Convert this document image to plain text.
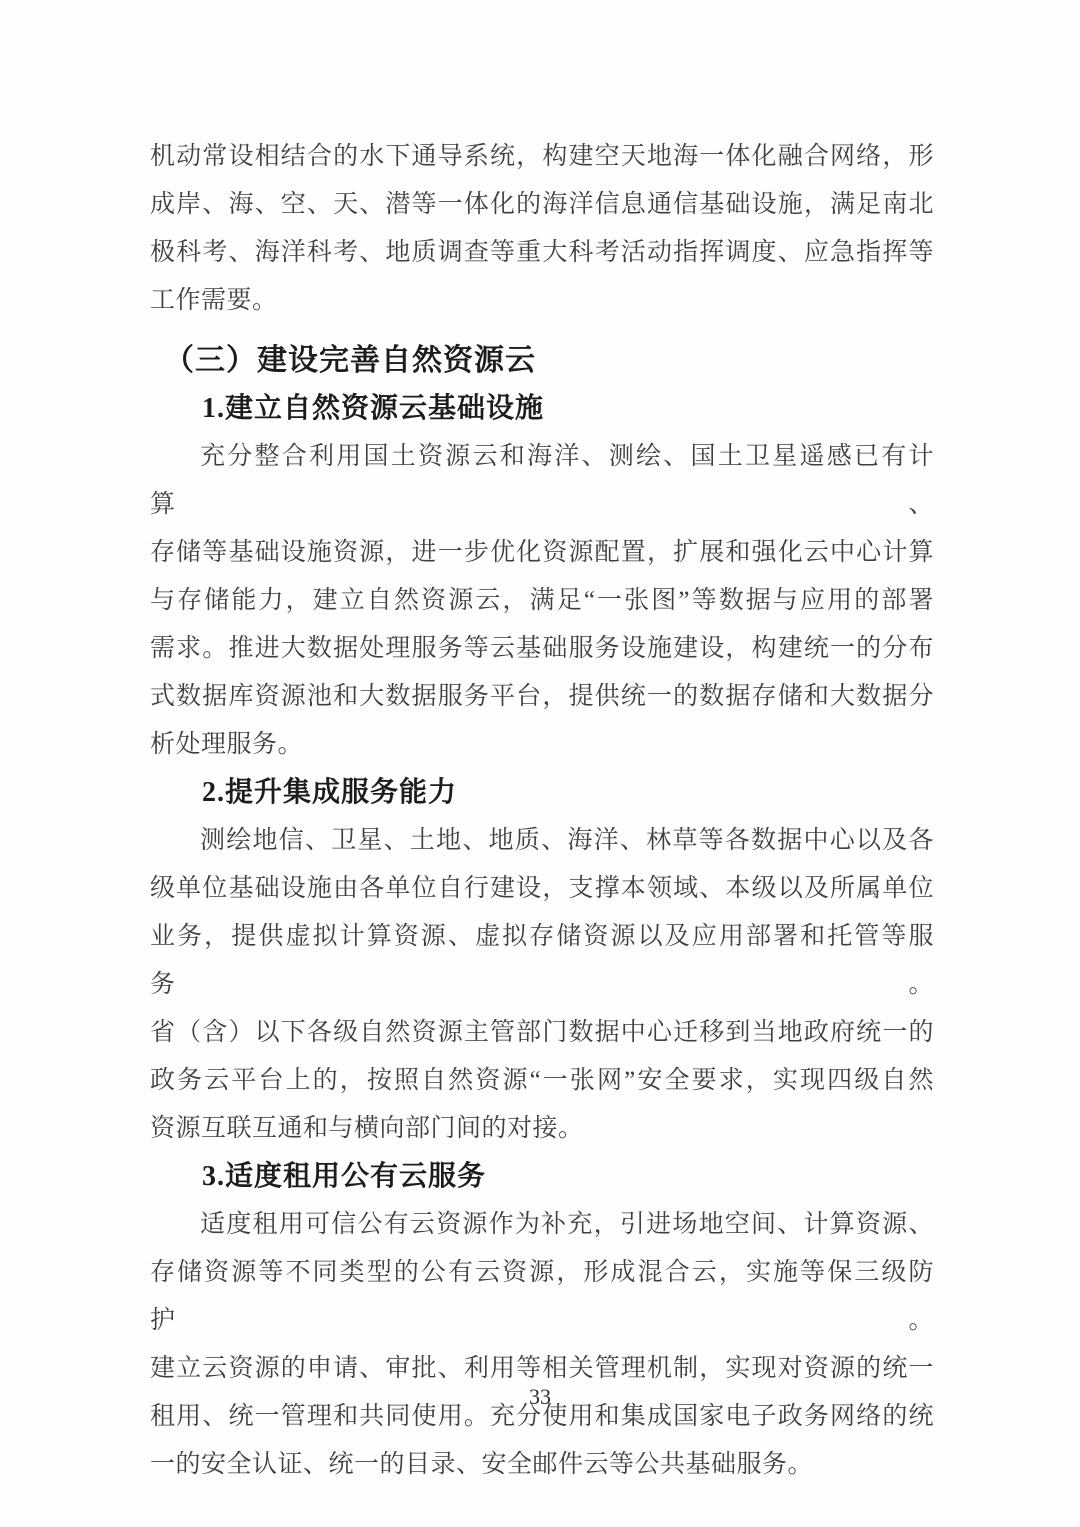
机动常设相结合的水下通导系统，构建空天地海一体化融合网络，形
成岸、海、空、天、潜等一体化的海洋信息通信基础设施，满足南北
极科考、海洋科考、地质调查等重大科考活动指挥调度、应急指挥等
工作需要。
（三）建设完善自然资源云
1.建立自然资源云基础设施
充分整合利用国土资源云和海洋、测绘、国土卫星遥感已有计算、
存储等基础设施资源，进一步优化资源配置，扩展和强化云中心计算
与存储能力，建立自然资源云，满足“一张图”等数据与应用的部署
需求。推进大数据处理服务等云基础服务设施建设，构建统一的分布
式数据库资源池和大数据服务平台，提供统一的数据存储和大数据分
析处理服务。
2.提升集成服务能力
测绘地信、卫星、土地、地质、海洋、林草等各数据中心以及各
级单位基础设施由各单位自行建设，支撑本领域、本级以及所属单位
业务，提供虚拟计算资源、虚拟存储资源以及应用部署和托管等服务。
省（含）以下各级自然资源主管部门数据中心迁移到当地政府统一的
政务云平台上的，按照自然资源“一张网”安全要求，实现四级自然
资源互联互通和与横向部门间的对接。
3.适度租用公有云服务
适度租用可信公有云资源作为补充，引进场地空间、计算资源、
存储资源等不同类型的公有云资源，形成混合云，实施等保三级防护。
建立云资源的申请、审批、利用等相关管理机制，实现对资源的统一
租用、统一管理和共同使用。充分使用和集成国家电子政务网络的统
一的安全认证、统一的目录、安全邮件云等公共基础服务。
33
